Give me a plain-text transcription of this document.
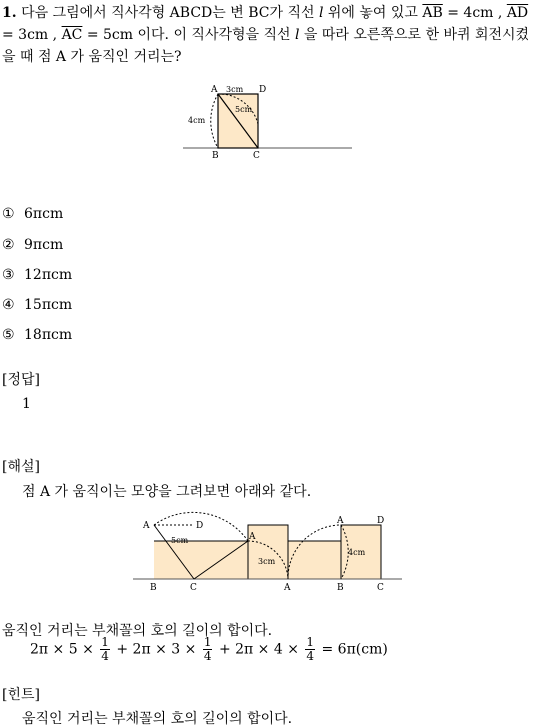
1. 다음 그림에서 직사각형 ABCD는 변 BC가 직선 l 위에 놓여 있고 $\overline{AB} = 4cm$ , $\overline{AD} = 3cm$ , $\overline{AC} = 5cm$ 이다. 이 직사각형을 직선 l 을 따라 오른쪽으로 한 바퀴 회전시켰을 때 점 A 가 움직인 거리는?
A	D
B	C
3cm
4cm
5cm
① 6πcm
② 9πcm
③ 12πcm
④ 15πcm
⑤ 18πcm
[정답]
1
[해설]
점 A 가 움직이는 모양을 그려보면 아래와 같다.
A	D
5cm	A
3cm
A	D
4cm
B	C	A	B	C
움직인 거리는 부채꼴의 호의 길이의 합이다.
$2\pi \times 5 \times \frac{1}{4} + 2\pi \times 3 \times \frac{1}{4} + 2\pi \times 4 \times \frac{1}{4} = 6\pi(cm)$
[힌트]
움직인 거리는 부채꼴의 호의 길이의 합이다.
